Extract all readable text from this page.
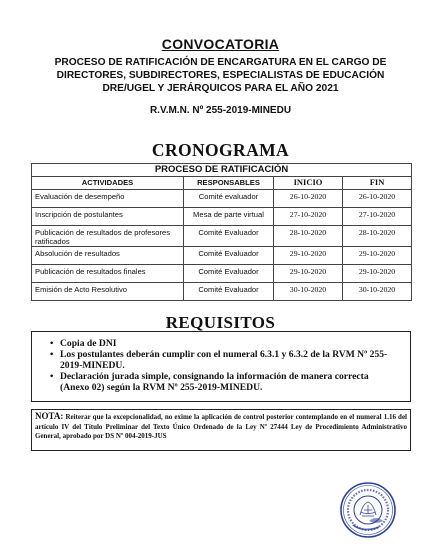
CONVOCATORIA
PROCESO DE RATIFICACIÓN DE ENCARGATURA EN EL CARGO DE
DIRECTORES, SUBDIRECTORES, ESPECIALISTAS DE EDUCACIÓN
DRE/UGEL Y JERÁRQUICOS PARA EL AÑO 2021
R.V.M.N. Nº 255-2019-MINEDU
CRONOGRAMA
PROCESO DE RATIFICACIÓN			
ACTIVIDADES	RESPONSABLES	INICIO	FIN
Evaluación de desempeño	Comité evaluador	26-10-2020	26-10-2020
Inscripción de postulantes	Mesa de parte virtual	27-10-2020	27-10-2020
Publicación de resultados de profesores ratificados	Comité Evaluador	28-10-2020	28-10-2020
Absolución de resultados	Comité Evaluador	29-10-2020	29-10-2020
Publicación de resultados finales	Comité Evaluador	29-10-2020	29-10-2020
Emisión de Acto Resolutivo	Comité Evaluador	30-10-2020	30-10-2020
REQUISITOS
• Copia de DNI
• Los postulantes deberán cumplir con el numeral 6.3.1 y 6.3.2 de la RVM Nº 255-2019-MINEDU.
• Declaración jurada simple, consignando la información de manera correcta (Anexo 02) según la RVM Nº 255-2019-MINEDU.
NOTA: Reiterar que la excepcionalidad, no exime la aplicación de control posterior contemplando en el numeral 1.16 del artículo IV del Título Preliminar del Texto Único Ordenado de la Ley Nº 27444 Ley de Procedimiento Administrativo General, aprobado por DS Nº 004-2019-JUS
